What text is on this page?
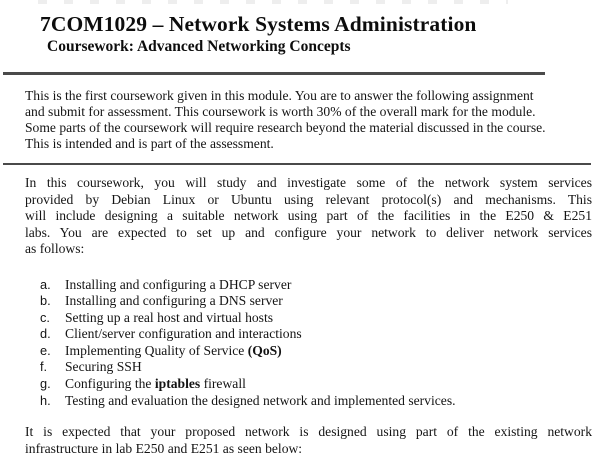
7COM1029 – Network Systems Administration
Coursework: Advanced Networking Concepts
This is the first coursework given in this module. You are to answer the following assignment
and submit for assessment. This coursework is worth 30% of the overall mark for the module.
Some parts of the coursework will require research beyond the material discussed in the course.
This is intended and is part of the assessment.
In this coursework, you will study and investigate some of the network system services
provided by Debian Linux or Ubuntu using relevant protocol(s) and mechanisms. This
will include designing a suitable network using part of the facilities in the E250 & E251
labs. You are expected to set up and configure your network to deliver network services
as follows:
a.	Installing and configuring a DHCP server
b.	Installing and configuring a DNS server
c.	Setting up a real host and virtual hosts
d.	Client/server configuration and interactions
e.	Implementing Quality of Service (QoS)
f.	Securing SSH
g.	Configuring the iptables firewall
h.	Testing and evaluation the designed network and implemented services.
It is expected that your proposed network is designed using part of the existing network
infrastructure in lab E250 and E251 as seen below:
